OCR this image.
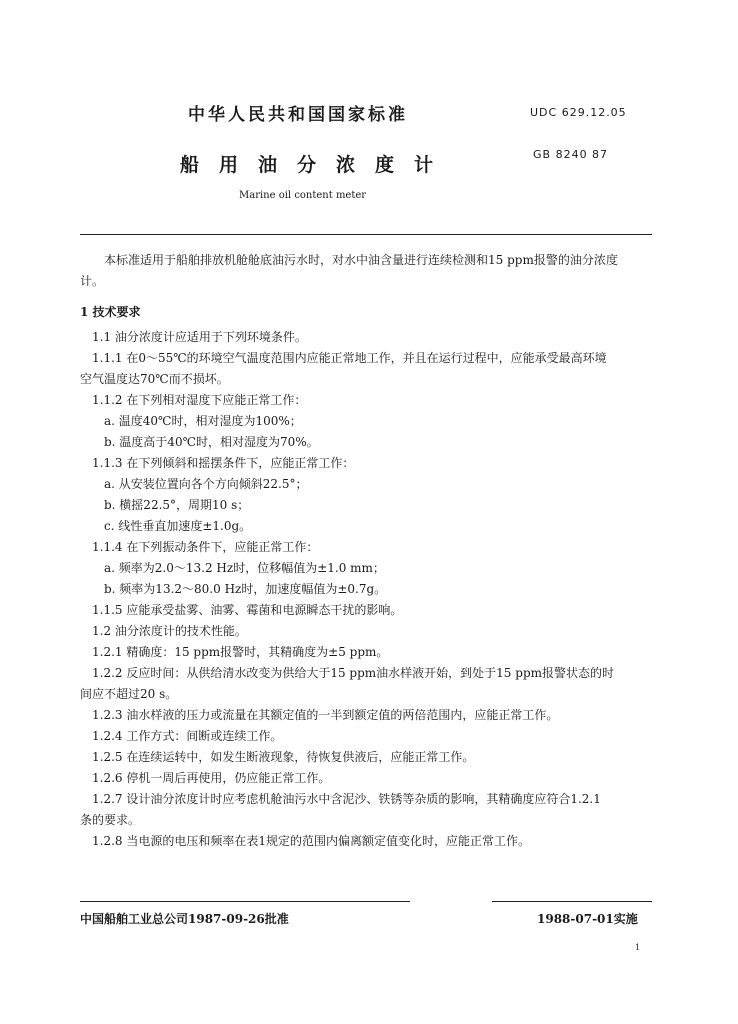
中华人民共和国国家标准	UDC 629.12.05
船用油分浓度计	GB 8240 87
Marine oil content meter
本标准适用于船舶排放机舱舱底油污水时，对水中油含量进行连续检测和15 ppm报警的油分浓度
计。
1 技术要求
1.1 油分浓度计应适用于下列环境条件。
1.1.1 在0～55℃的环境空气温度范围内应能正常地工作，并且在运行过程中，应能承受最高环境
空气温度达70℃而不损坏。
1.1.2 在下列相对湿度下应能正常工作：
a. 温度40℃时，相对湿度为100%；
b. 温度高于40℃时，相对湿度为70%。
1.1.3 在下列倾斜和摇摆条件下，应能正常工作：
a. 从安装位置向各个方向倾斜22.5°；
b. 横摇22.5°，周期10 s；
c. 线性垂直加速度±1.0g。
1.1.4 在下列振动条件下，应能正常工作：
a. 频率为2.0～13.2 Hz时，位移幅值为±1.0 mm；
b. 频率为13.2～80.0 Hz时，加速度幅值为±0.7g。
1.1.5 应能承受盐雾、油雾、霉菌和电源瞬态干扰的影响。
1.2 油分浓度计的技术性能。
1.2.1 精确度：15 ppm报警时，其精确度为±5 ppm。
1.2.2 反应时间：从供给清水改变为供给大于15 ppm油水样液开始，到处于15 ppm报警状态的时
间应不超过20 s。
1.2.3 油水样液的压力或流量在其额定值的一半到额定值的两倍范围内，应能正常工作。
1.2.4 工作方式：间断或连续工作。
1.2.5 在连续运转中，如发生断液现象，待恢复供液后，应能正常工作。
1.2.6 停机一周后再使用，仍应能正常工作。
1.2.7 设计油分浓度计时应考虑机舱油污水中含泥沙、铁锈等杂质的影响，其精确度应符合1.2.1
条的要求。
1.2.8 当电源的电压和频率在表1规定的范围内偏离额定值变化时，应能正常工作。
中国船舶工业总公司1987-09-26批准	1988-07-01实施
1
